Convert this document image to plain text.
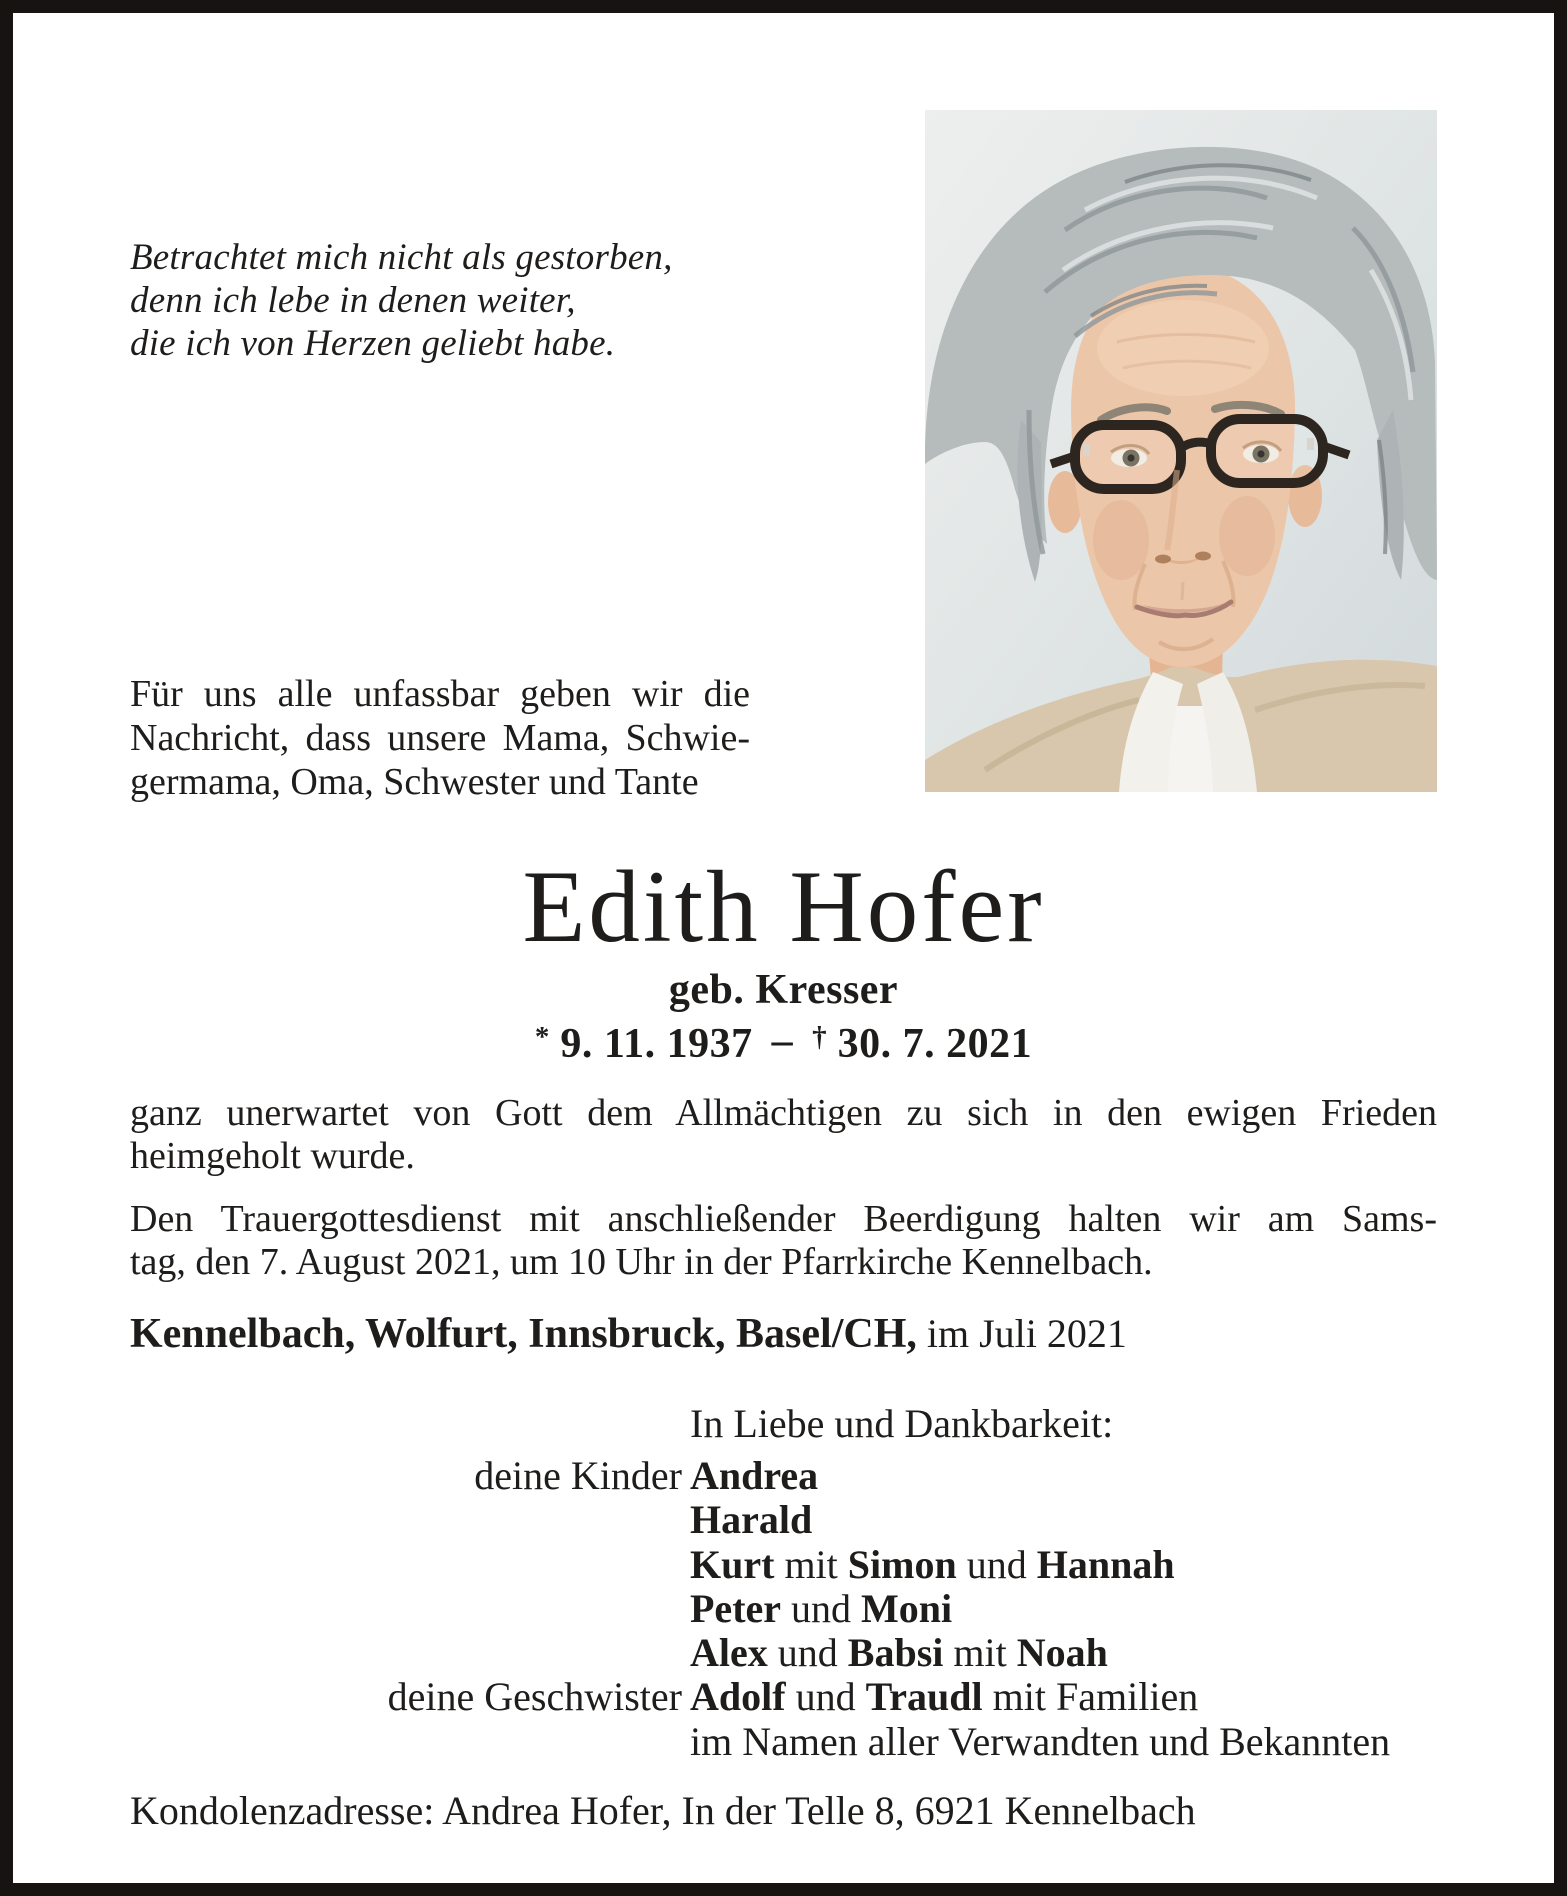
Betrachtet mich nicht als gestorben,
denn ich lebe in denen weiter,
die ich von Herzen geliebt habe.
Für uns alle unfassbar geben wir die
Nachricht, dass unsere Mama, Schwie-
germama, Oma, Schwester und Tante
Edith Hofer
geb. Kresser
* 9. 11. 1937 – † 30. 7. 2021
ganz unerwartet von Gott dem Allmächtigen zu sich in den ewigen Frieden
heimgeholt wurde.
Den Trauergottesdienst mit anschließender Beerdigung halten wir am Sams-
tag, den 7. August 2021, um 10 Uhr in der Pfarrkirche Kennelbach.
Kennelbach, Wolfurt, Innsbruck, Basel/CH, im Juli 2021
In Liebe und Dankbarkeit:
deine Kinder Andrea
Harald
Kurt mit Simon und Hannah
Peter und Moni
Alex und Babsi mit Noah
deine Geschwister Adolf und Traudl mit Familien
im Namen aller Verwandten und Bekannten
Kondolenzadresse: Andrea Hofer, In der Telle 8, 6921 Kennelbach
